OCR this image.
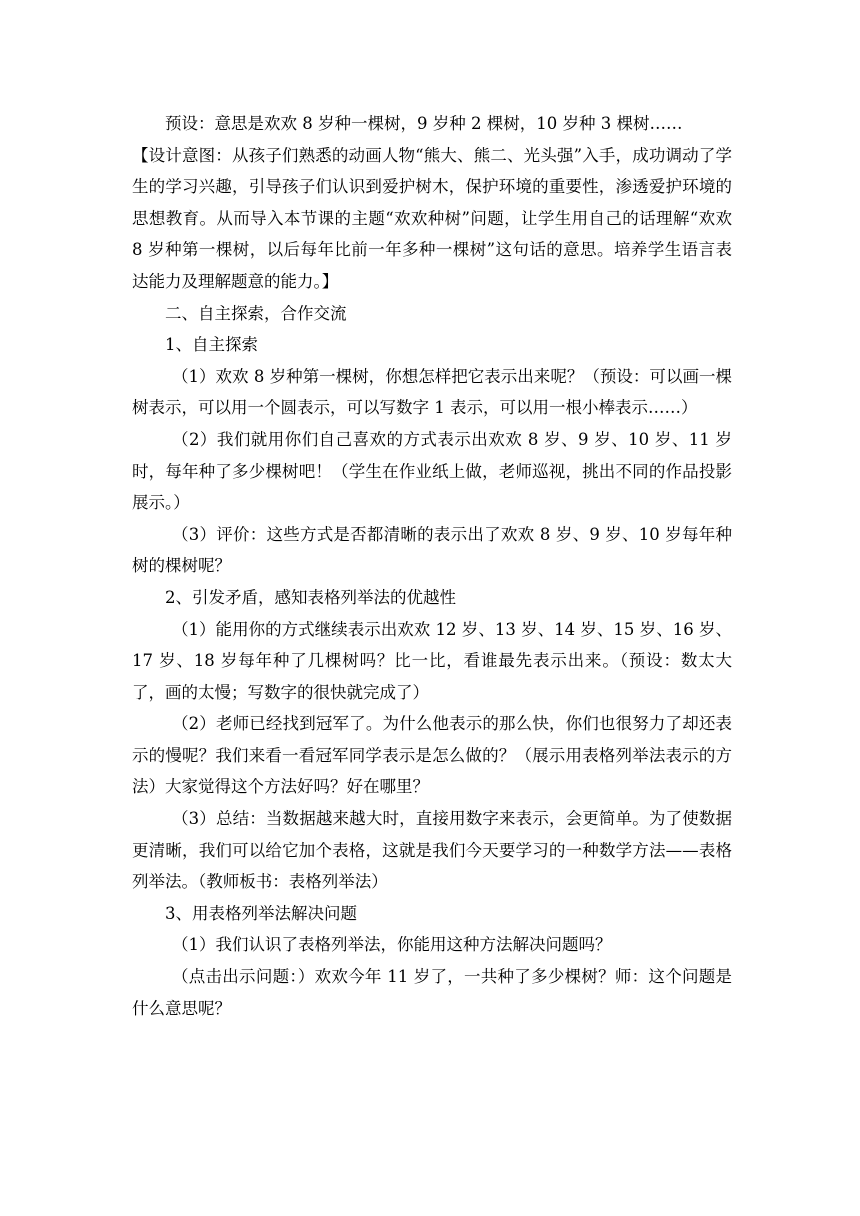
预设：意思是欢欢 8 岁种一棵树，9 岁种 2 棵树，10 岁种 3 棵树……

【设计意图：从孩子们熟悉的动画人物“熊大、熊二、光头强”入手，成功调动了学生的学习兴趣，引导孩子们认识到爱护树木，保护环境的重要性，渗透爱护环境的思想教育。从而导入本节课的主题“欢欢种树”问题，让学生用自己的话理解“欢欢 8 岁种第一棵树，以后每年比前一年多种一棵树”这句话的意思。培养学生语言表达能力及理解题意的能力。】

二、自主探索，合作交流

1、自主探索

（1）欢欢 8 岁种第一棵树，你想怎样把它表示出来呢？（预设：可以画一棵树表示，可以用一个圆表示，可以写数字 1 表示，可以用一根小棒表示……）

（2）我们就用你们自己喜欢的方式表示出欢欢 8 岁、9 岁、10 岁、11 岁时，每年种了多少棵树吧！（学生在作业纸上做，老师巡视，挑出不同的作品投影展示。）

（3）评价：这些方式是否都清晰的表示出了欢欢 8 岁、9 岁、10 岁每年种树的棵树呢？

2、引发矛盾，感知表格列举法的优越性

（1）能用你的方式继续表示出欢欢 12 岁、13 岁、14 岁、15 岁、16 岁、17 岁、18 岁每年种了几棵树吗？比一比，看谁最先表示出来。（预设：数太大了，画的太慢；写数字的很快就完成了）

（2）老师已经找到冠军了。为什么他表示的那么快，你们也很努力了却还表示的慢呢？我们来看一看冠军同学表示是怎么做的？（展示用表格列举法表示的方法）大家觉得这个方法好吗？好在哪里？

（3）总结：当数据越来越大时，直接用数字来表示，会更简单。为了使数据更清晰，我们可以给它加个表格，这就是我们今天要学习的一种数学方法——表格列举法。（教师板书：表格列举法）

3、用表格列举法解决问题

（1）我们认识了表格列举法，你能用这种方法解决问题吗？

（点击出示问题：）欢欢今年 11 岁了，一共种了多少棵树？师：这个问题是什么意思呢？
